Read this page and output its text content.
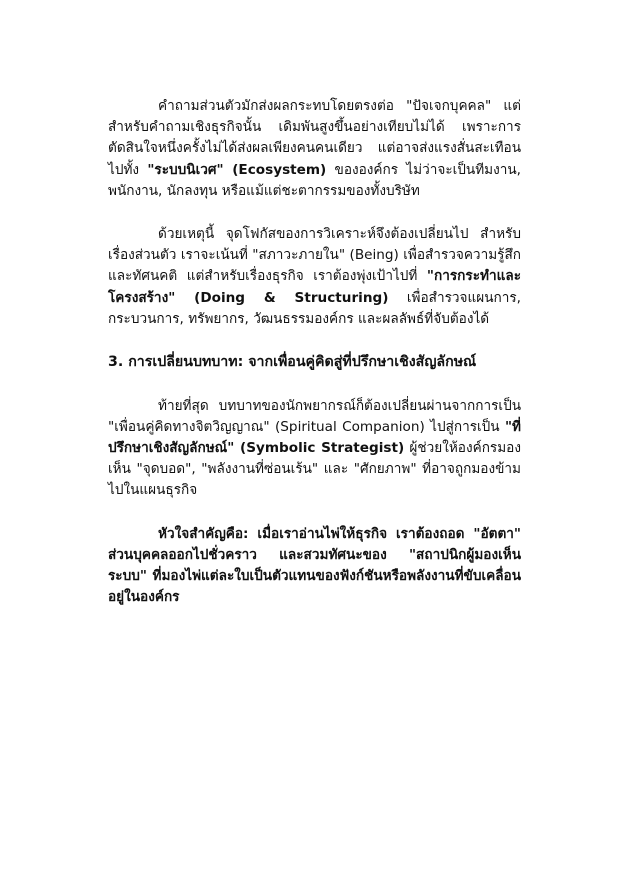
คำถามส่วนตัวมักส่งผลกระทบโดยตรงต่อ "ปัจเจกบุคคล" แต่สำหรับคำถามเชิงธุรกิจนั้น เดิมพันสูงขึ้นอย่างเทียบไม่ได้ เพราะการตัดสินใจหนึ่งครั้งไม่ได้ส่งผลเพียงคนคนเดียว แต่อาจส่งแรงสั่นสะเทือนไปทั้ง "ระบบนิเวศ" (Ecosystem) ขององค์กร ไม่ว่าจะเป็นทีมงาน, พนักงาน, นักลงทุน หรือแม้แต่ชะตากรรมของทั้งบริษัท

ด้วยเหตุนี้ จุดโฟกัสของการวิเคราะห์จึงต้องเปลี่ยนไป สำหรับเรื่องส่วนตัว เราจะเน้นที่ "สภาวะภายใน" (Being) เพื่อสำรวจความรู้สึกและทัศนคติ แต่สำหรับเรื่องธุรกิจ เราต้องพุ่งเป้าไปที่ "การกระทำและโครงสร้าง" (Doing & Structuring) เพื่อสำรวจแผนการ, กระบวนการ, ทรัพยากร, วัฒนธรรมองค์กร และผลลัพธ์ที่จับต้องได้

3. การเปลี่ยนบทบาท: จากเพื่อนคู่คิดสู่ที่ปรึกษาเชิงสัญลักษณ์

ท้ายที่สุด บทบาทของนักพยากรณ์ก็ต้องเปลี่ยนผ่านจากการเป็น "เพื่อนคู่คิดทางจิตวิญญาณ" (Spiritual Companion) ไปสู่การเป็น "ที่ปรึกษาเชิงสัญลักษณ์" (Symbolic Strategist) ผู้ช่วยให้องค์กรมองเห็น "จุดบอด", "พลังงานที่ซ่อนเร้น" และ "ศักยภาพ" ที่อาจถูกมองข้ามไปในแผนธุรกิจ

หัวใจสำคัญคือ: เมื่อเราอ่านไพ่ให้ธุรกิจ เราต้องถอด "อัตตา" ส่วนบุคคลออกไปชั่วคราว และสวมทัศนะของ "สถาปนิกผู้มองเห็นระบบ" ที่มองไพ่แต่ละใบเป็นตัวแทนของฟังก์ชันหรือพลังงานที่ขับเคลื่อนอยู่ในองค์กร
